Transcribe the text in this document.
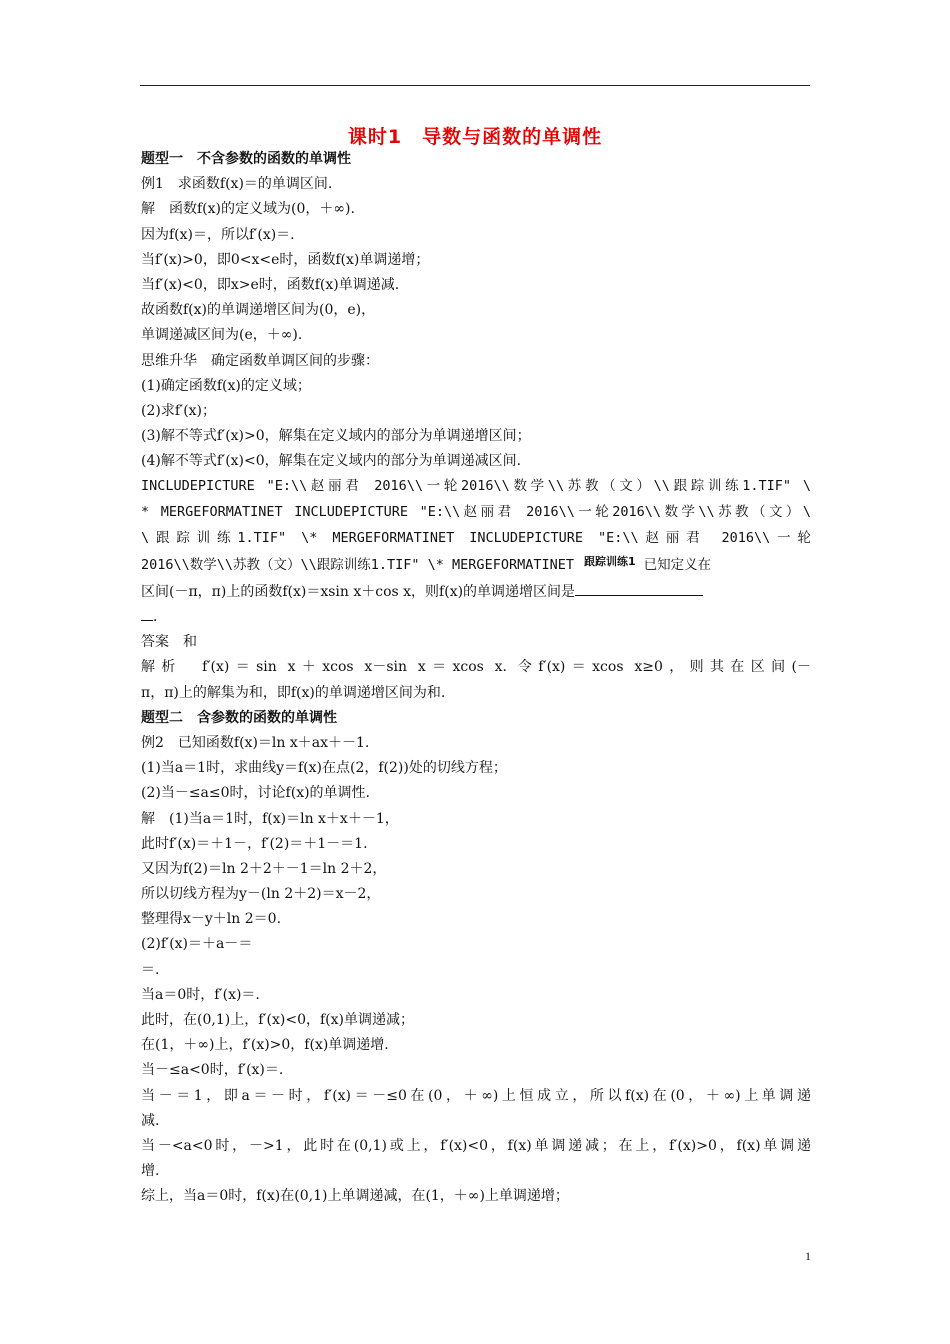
课时1　导数与函数的单调性
题型一　不含参数的函数的单调性
例1　求函数f(x)＝的单调区间.
解　函数f(x)的定义域为(0，＋∞).
因为f(x)＝，所以f′(x)＝.
当f′(x)>0，即0<x<e时，函数f(x)单调递增；
当f′(x)<0，即x>e时，函数f(x)单调递减.
故函数f(x)的单调递增区间为(0，e)，
单调递减区间为(e，＋∞).
思维升华　确定函数单调区间的步骤：
(1)确定函数f(x)的定义域；
(2)求f′(x)；
(3)解不等式f′(x)>0，解集在定义域内的部分为单调递增区间；
(4)解不等式f′(x)<0，解集在定义域内的部分为单调递减区间.
INCLUDEPICTURE "E:\\赵丽君 2016\\一轮2016\\数学\\苏教（文）\\跟踪训练1.TIF" \
* MERGEFORMATINET INCLUDEPICTURE "E:\\赵丽君 2016\\一轮2016\\数学\\苏教（文）\
\跟踪训练1.TIF" \* MERGEFORMATINET INCLUDEPICTURE "E:\\赵丽君 2016\\一轮
2016\\数学\\苏教（文）\\跟踪训练1.TIF" \* MERGEFORMATINET $^{跟踪训练1}$ 已知定义在
区间(－π，π)上的函数f(x)＝xsin x＋cos x，则f(x)的单调递增区间是
．
答案　和
解析　f′(x)＝sin x＋xcos x－sin x＝xcos x. 令f′(x)＝xcos x≥0，则其在区间(－
π，π)上的解集为和，即f(x)的单调递增区间为和.
题型二　含参数的函数的单调性
例2　已知函数f(x)＝ln x＋ax＋－1.
(1)当a＝1时，求曲线y＝f(x)在点(2，f(2))处的切线方程；
(2)当－≤a≤0时，讨论f(x)的单调性.
解　(1)当a＝1时，f(x)＝ln x＋x＋－1，
此时f′(x)＝＋1－，f′(2)＝＋1－＝1.
又因为f(2)＝ln 2＋2＋－1＝ln 2＋2，
所以切线方程为y－(ln 2＋2)＝x－2，
整理得x－y＋ln 2＝0.
(2)f′(x)＝＋a－＝
＝.
当a＝0时，f′(x)＝.
此时，在(0,1)上，f′(x)<0，f(x)单调递减；
在(1，＋∞)上，f′(x)>0，f(x)单调递增.
当－≤a<0时，f′(x)＝.
当－＝1，即a＝－时，f′(x)＝－≤0在(0，＋∞)上恒成立，所以f(x)在(0，＋∞)上单调递
减.
当－<a<0时，－>1，此时在(0,1)或上，f′(x)<0，f(x)单调递减；在上，f′(x)>0，f(x)单调递
增.
综上，当a＝0时，f(x)在(0,1)上单调递减，在(1，＋∞)上单调递增；
1
